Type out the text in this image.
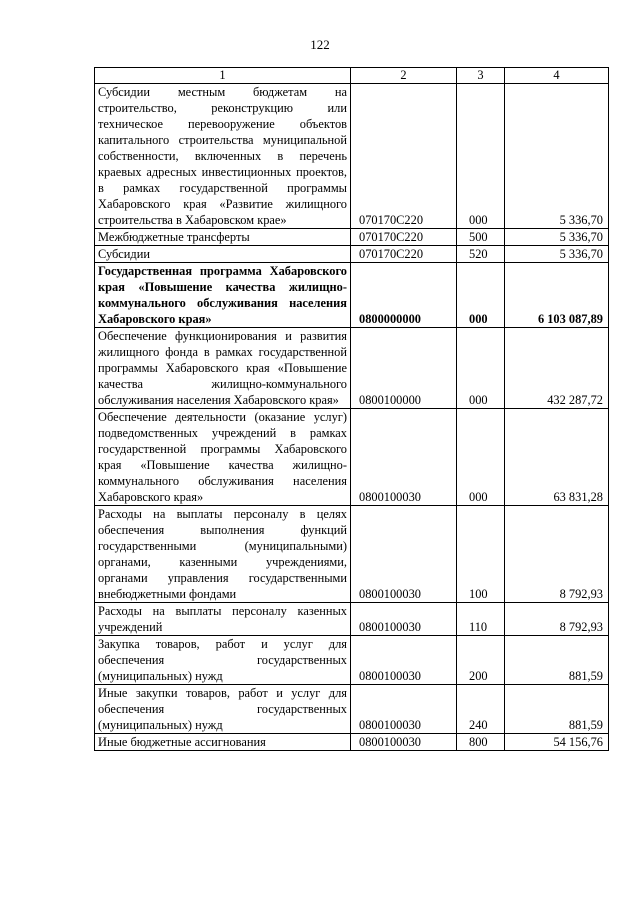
122
1	2	3	4
Субсидии местным бюджетам на строительство, реконструкцию или техническое перевооружение объектов капитального строительства муниципальной собственности, включенных в перечень краевых адресных инвестиционных проектов, в рамках государственной программы Хабаровского края «Развитие жилищного строительства в Хабаровском крае»	070170С220	000	5 336,70
Межбюджетные трансферты	070170С220	500	5 336,70
Субсидии	070170С220	520	5 336,70
Государственная программа Хабаровского края «Повышение качества жилищно-коммунального обслуживания населения Хабаровского края»	0800000000	000	6 103 087,89
Обеспечение функционирования и развития жилищного фонда в рамках государственной программы Хабаровского края «Повышение качества жилищно-коммунального обслуживания населения Хабаровского края»	0800100000	000	432 287,72
Обеспечение деятельности (оказание услуг) подведомственных учреждений в рамках государственной программы Хабаровского края «Повышение качества жилищно-коммунального обслуживания населения Хабаровского края»	0800100030	000	63 831,28
Расходы на выплаты персоналу в целях обеспечения выполнения функций государственными (муниципальными) органами, казенными учреждениями, органами управления государственными внебюджетными фондами	0800100030	100	8 792,93
Расходы на выплаты персоналу казенных учреждений	0800100030	110	8 792,93
Закупка товаров, работ и услуг для обеспечения государственных (муниципальных) нужд	0800100030	200	881,59
Иные закупки товаров, работ и услуг для обеспечения государственных (муниципальных) нужд	0800100030	240	881,59
Иные бюджетные ассигнования	0800100030	800	54 156,76
